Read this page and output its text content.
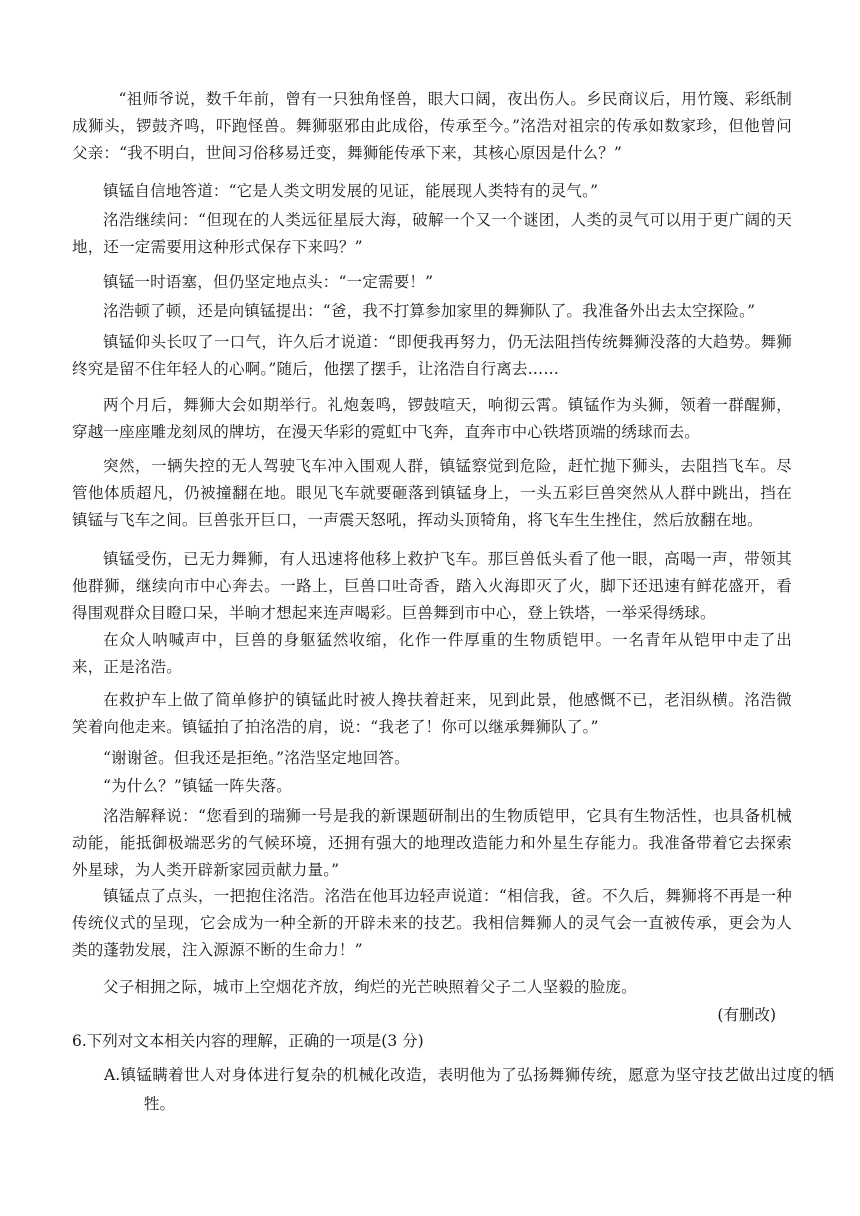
“祖师爷说，数千年前，曾有一只独角怪兽，眼大口阔，夜出伤人。乡民商议后，用竹篾、彩纸制成狮头，锣鼓齐鸣，吓跑怪兽。舞狮驱邪由此成俗，传承至今。”洺浩对祖宗的传承如数家珍，但他曾问父亲：“我不明白，世间习俗移易迁变，舞狮能传承下来，其核心原因是什么？”

镇锰自信地答道：“它是人类文明发展的见证，能展现人类特有的灵气。”

洺浩继续问：“但现在的人类远征星辰大海，破解一个又一个谜团，人类的灵气可以用于更广阔的天地，还一定需要用这种形式保存下来吗？”

镇锰一时语塞，但仍坚定地点头：“一定需要！”

洺浩顿了顿，还是向镇锰提出：“爸，我不打算参加家里的舞狮队了。我准备外出去太空探险。”

镇锰仰头长叹了一口气，许久后才说道：“即便我再努力，仍无法阻挡传统舞狮没落的大趋势。舞狮终究是留不住年轻人的心啊。”随后，他摆了摆手，让洺浩自行离去……

两个月后，舞狮大会如期举行。礼炮轰鸣，锣鼓喧天，响彻云霄。镇锰作为头狮，领着一群醒狮，穿越一座座雕龙刻凤的牌坊，在漫天华彩的霓虹中飞奔，直奔市中心铁塔顶端的绣球而去。

突然，一辆失控的无人驾驶飞车冲入围观人群，镇锰察觉到危险，赶忙抛下狮头，去阻挡飞车。尽管他体质超凡，仍被撞翻在地。眼见飞车就要砸落到镇锰身上，一头五彩巨兽突然从人群中跳出，挡在镇锰与飞车之间。巨兽张开巨口，一声震天怒吼，挥动头顶犄角，将飞车生生挫住，然后放翻在地。

镇锰受伤，已无力舞狮，有人迅速将他移上救护飞车。那巨兽低头看了他一眼，高喝一声，带领其他群狮，继续向市中心奔去。一路上，巨兽口吐奇香，踏入火海即灭了火，脚下还迅速有鲜花盛开，看得围观群众目瞪口呆，半晌才想起来连声喝彩。巨兽舞到市中心，登上铁塔，一举采得绣球。

在众人呐喊声中，巨兽的身躯猛然收缩，化作一件厚重的生物质铠甲。一名青年从铠甲中走了出来，正是洺浩。

在救护车上做了简单修护的镇锰此时被人搀扶着赶来，见到此景，他感慨不已，老泪纵横。洺浩微笑着向他走来。镇锰拍了拍洺浩的肩，说：“我老了！你可以继承舞狮队了。”

“谢谢爸。但我还是拒绝。”洺浩坚定地回答。

“为什么？”镇锰一阵失落。

洺浩解释说：“您看到的瑞狮一号是我的新课题研制出的生物质铠甲，它具有生物活性，也具备机械动能，能抵御极端恶劣的气候环境，还拥有强大的地理改造能力和外星生存能力。我准备带着它去探索外星球，为人类开辟新家园贡献力量。”

镇锰点了点头，一把抱住洺浩。洺浩在他耳边轻声说道：“相信我，爸。不久后，舞狮将不再是一种传统仪式的呈现，它会成为一种全新的开辟未来的技艺。我相信舞狮人的灵气会一直被传承，更会为人类的蓬勃发展，注入源源不断的生命力！”

父子相拥之际，城市上空烟花齐放，绚烂的光芒映照着父子二人坚毅的脸庞。

(有删改)
6.下列对文本相关内容的理解，正确的一项是(3 分)
A.镇锰瞒着世人对身体进行复杂的机械化改造，表明他为了弘扬舞狮传统，愿意为坚守技艺做出过度的牺牲。
